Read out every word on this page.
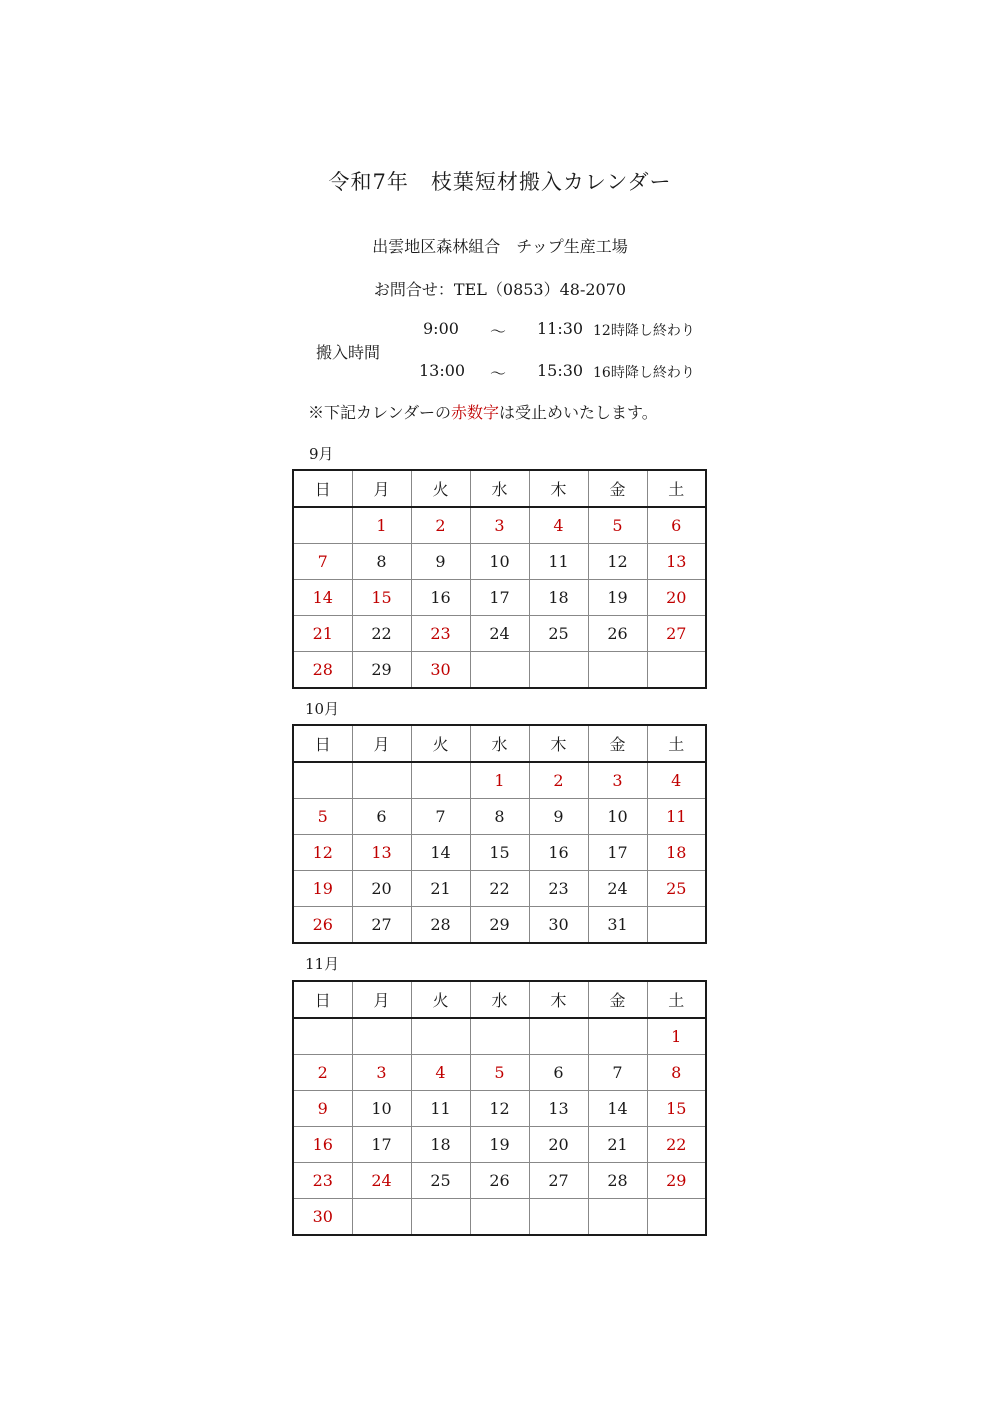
令和7年　枝葉短材搬入カレンダー
出雲地区森林組合　チップ生産工場
お問合せ：TEL（0853）48-2070
搬入時間
9:00 ～ 11:30 12時降し終わり
13:00 ～ 15:30 16時降し終わり
※下記カレンダーの赤数字は受止めいたします。
9月
日	月	火	水	木	金	土
	1	2	3	4	5	6
7	8	9	10	11	12	13
14	15	16	17	18	19	20
21	22	23	24	25	26	27
28	29	30				
10月
日	月	火	水	木	金	土
			1	2	3	4
5	6	7	8	9	10	11
12	13	14	15	16	17	18
19	20	21	22	23	24	25
26	27	28	29	30	31	
11月
日	月	火	水	木	金	土
						1
2	3	4	5	6	7	8
9	10	11	12	13	14	15
16	17	18	19	20	21	22
23	24	25	26	27	28	29
30						
